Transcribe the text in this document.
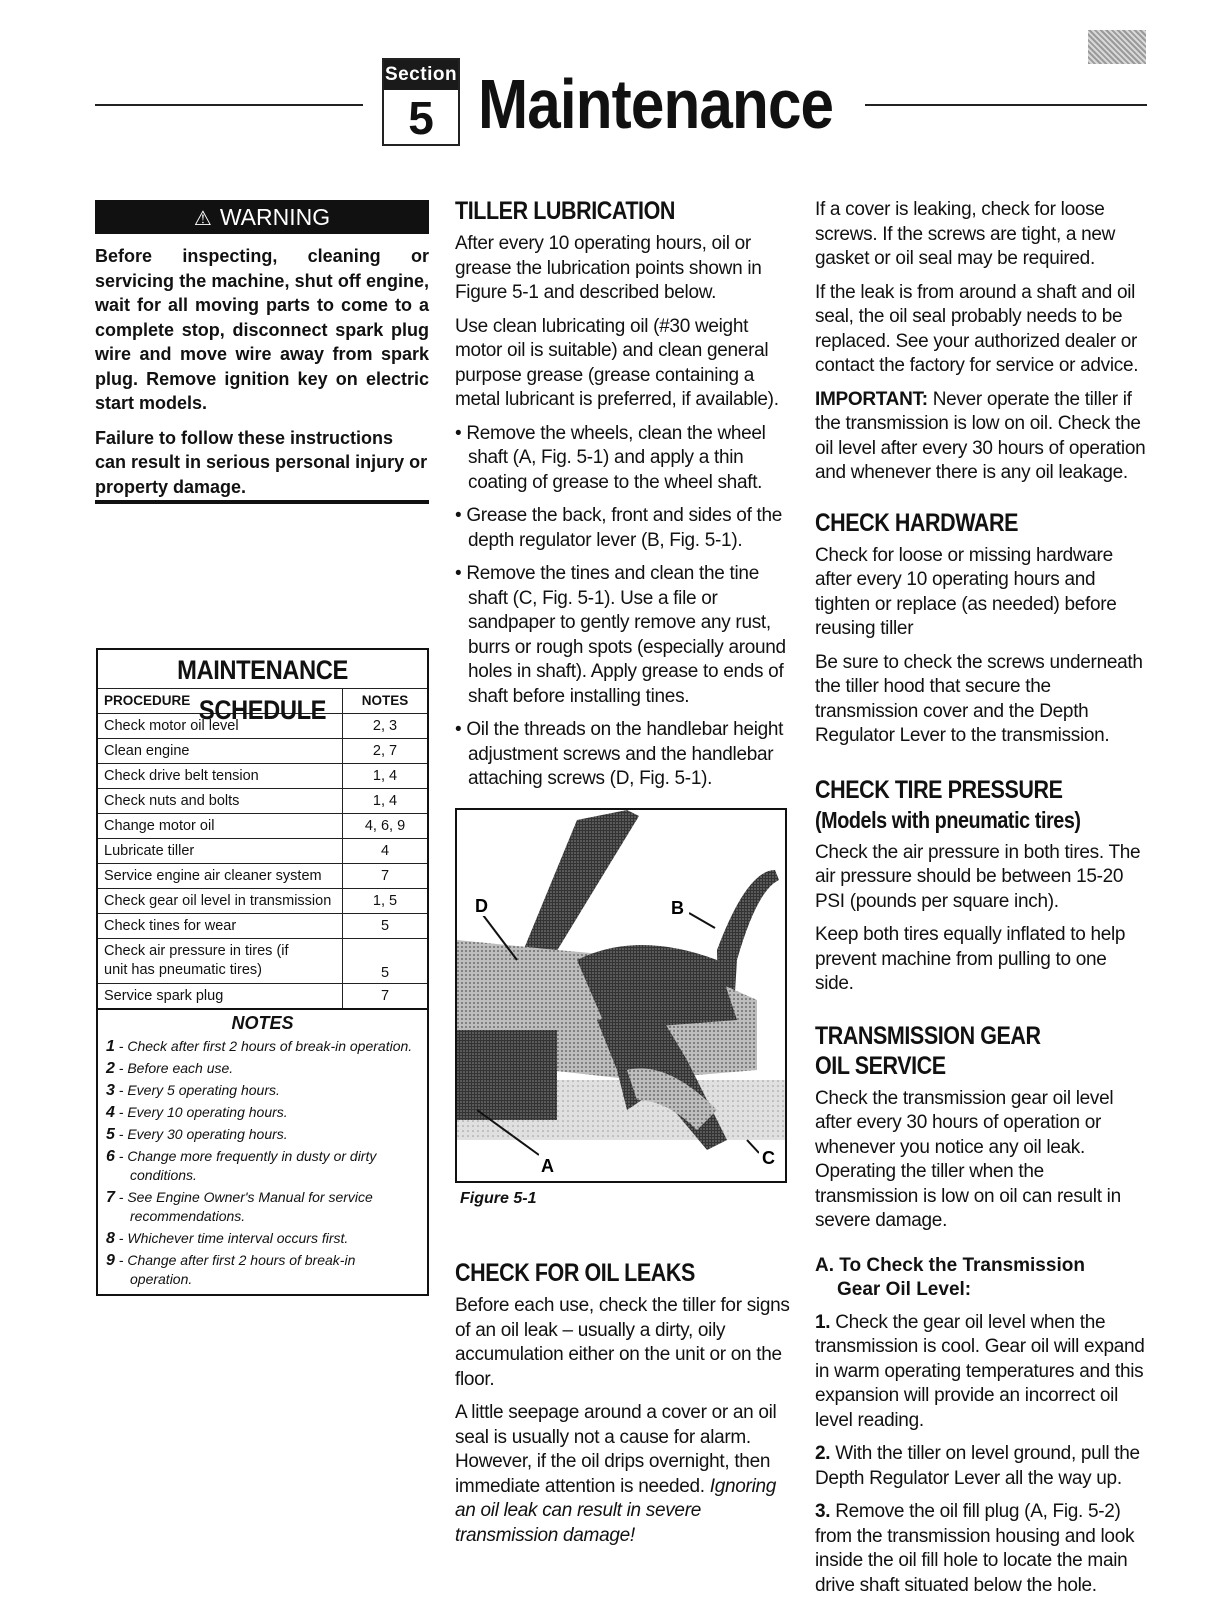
Section
5 Maintenance
⚠ WARNING

Before inspecting, cleaning or servicing the machine, shut off engine, wait for all moving parts to come to a complete stop, disconnect spark plug wire and move wire away from spark plug. Remove ignition key on electric start models.

Failure to follow these instructions can result in serious personal injury or property damage.

MAINTENANCE SCHEDULE
PROCEDURE	NOTES
Check motor oil level	2, 3
Clean engine	2, 7
Check drive belt tension	1, 4
Check nuts and bolts	1, 4
Change motor oil	4, 6, 9
Lubricate tiller	4
Service engine air cleaner system	7
Check gear oil level in transmission	1, 5
Check tines for wear	5
Check air pressure in tires (if unit has pneumatic tires)	5
Service spark plug	7
NOTES
1 - Check after first 2 hours of break-in operation.
2 - Before each use.
3 - Every 5 operating hours.
4 - Every 10 operating hours.
5 - Every 30 operating hours.
6 - Change more frequently in dusty or dirty conditions.
7 - See Engine Owner's Manual for service recommendations.
8 - Whichever time interval occurs first.
9 - Change after first 2 hours of break-in operation.
TILLER LUBRICATION

After every 10 operating hours, oil or grease the lubrication points shown in Figure 5-1 and described below.

Use clean lubricating oil (#30 weight motor oil is suitable) and clean general purpose grease (grease containing a metal lubricant is preferred, if available).

• Remove the wheels, clean the wheel shaft (A, Fig. 5-1) and apply a thin coating of grease to the wheel shaft.

• Grease the back, front and sides of the depth regulator lever (B, Fig. 5-1).

• Remove the tines and clean the tine shaft (C, Fig. 5-1). Use a file or sandpaper to gently remove any rust, burrs or rough spots (especially around holes in shaft). Apply grease to ends of shaft before installing tines.

• Oil the threads on the handlebar height adjustment screws and the handlebar attaching screws (D, Fig. 5-1).

D	B
A	C
Figure 5-1
CHECK FOR OIL LEAKS

Before each use, check the tiller for signs of an oil leak – usually a dirty, oily accumulation either on the unit or on the floor.

A little seepage around a cover or an oil seal is usually not a cause for alarm. However, if the oil drips overnight, then immediate attention is needed. Ignoring an oil leak can result in severe transmission damage!

If a cover is leaking, check for loose screws. If the screws are tight, a new gasket or oil seal may be required.

If the leak is from around a shaft and oil seal, the oil seal probably needs to be replaced. See your authorized dealer or contact the factory for service or advice.

IMPORTANT: Never operate the tiller if the transmission is low on oil. Check the oil level after every 30 hours of operation and whenever there is any oil leakage.

CHECK HARDWARE

Check for loose or missing hardware after every 10 operating hours and tighten or replace (as needed) before reusing tiller

Be sure to check the screws underneath the tiller hood that secure the transmission cover and the Depth Regulator Lever to the transmission.

CHECK TIRE PRESSURE
(Models with pneumatic tires)

Check the air pressure in both tires. The air pressure should be between 15-20 PSI (pounds per square inch).

Keep both tires equally inflated to help prevent machine from pulling to one side.

TRANSMISSION GEAR
OIL SERVICE

Check the transmission gear oil level after every 30 hours of operation or whenever you notice any oil leak. Operating the tiller when the transmission is low on oil can result in severe damage.

A. To Check the Transmission
Gear Oil Level:

1. Check the gear oil level when the transmission is cool. Gear oil will expand in warm operating temperatures and this expansion will provide an incorrect oil level reading.

2. With the tiller on level ground, pull the Depth Regulator Lever all the way up.

3. Remove the oil fill plug (A, Fig. 5-2) from the transmission housing and look inside the oil fill hole to locate the main drive shaft situated below the hole.
